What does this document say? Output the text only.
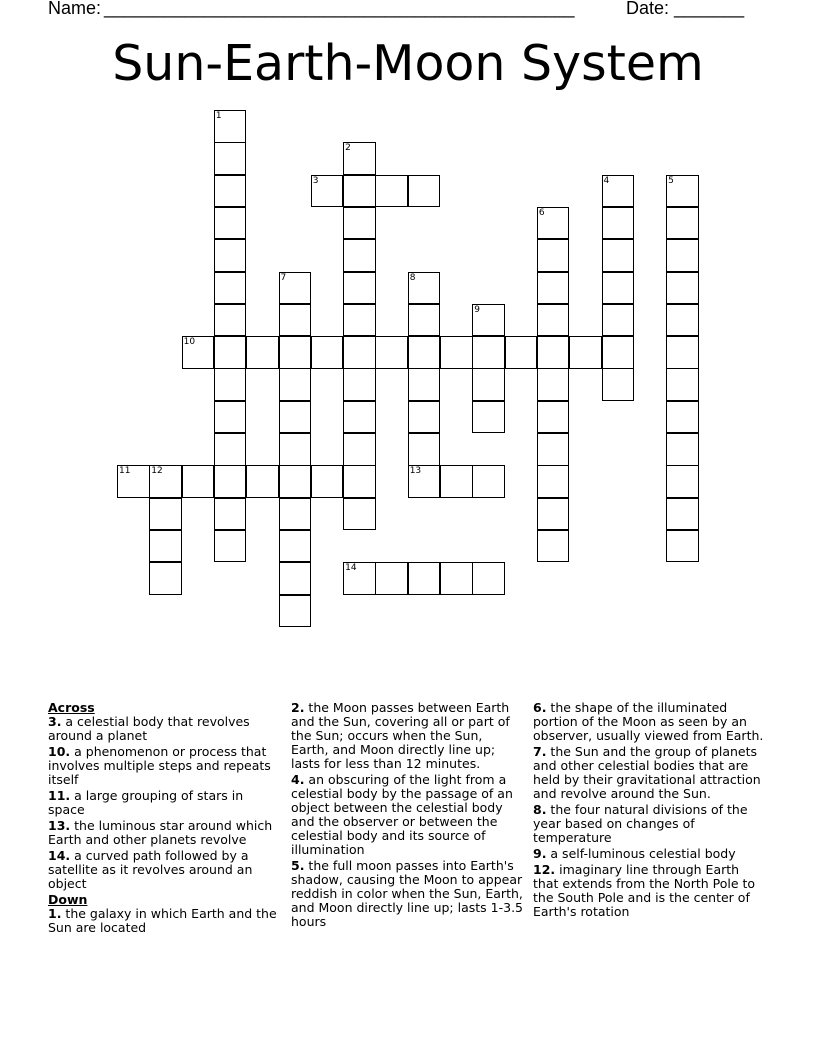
Name: _______________________________________________	Date: _______
Sun-Earth-Moon System
1
2
3	4	5
6
7	8
9
10
11 12	13
14

Across

3. a celestial body that revolves around a planet

10. a phenomenon or process that involves multiple steps and repeats itself

11. a large grouping of stars in space

13. the luminous star around which Earth and other planets revolve

14. a curved path followed by a satellite as it revolves around an object

Down

1. the galaxy in which Earth and the Sun are located

2. the Moon passes between Earth and the Sun, covering all or part of the Sun; occurs when the Sun, Earth, and Moon directly line up; lasts for less than 12 minutes.

4. an obscuring of the light from a celestial body by the passage of an object between the celestial body and the observer or between the celestial body and its source of illumination

5. the full moon passes into Earth's shadow, causing the Moon to appear reddish in color when the Sun, Earth, and Moon directly line up; lasts 1-3.5 hours

6. the shape of the illuminated portion of the Moon as seen by an observer, usually viewed from Earth.

7. the Sun and the group of planets and other celestial bodies that are held by their gravitational attraction and revolve around the Sun.

8. the four natural divisions of the year based on changes of temperature

9. a self-luminous celestial body

12. imaginary line through Earth that extends from the North Pole to the South Pole and is the center of Earth's rotation
